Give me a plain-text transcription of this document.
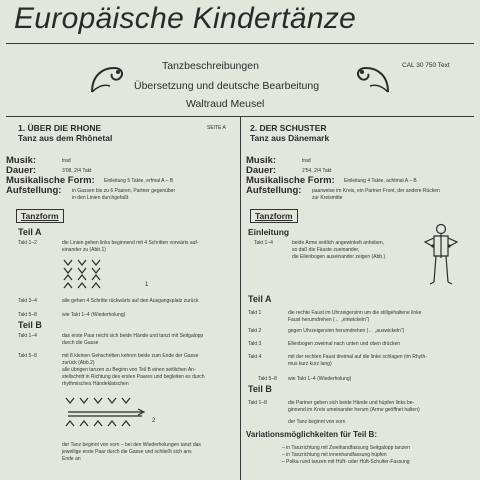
Europäische Kindertänze
Tanzbeschreibungen
Übersetzung und deutsche Bearbeitung
Waltraud Meusel
CAL 30 750 Text
1. ÜBER DIE RHONE	SEITE A
Tanz aus dem Rhônetal
Musik:	trad
Dauer:	3'08, 2/4 Takt
Musikalische Form: Einleitung 5 Takte, erfmal A – B
Aufstellung: in Gassen bis zu 6 Paaren, Partner gegenüber
in den Linien durchgefaßt
Tanzform
Teil A
Takt 1–2	die Linien gehen links beginnend mit 4 Schritten vorwärts auf-
einander zu (Abb.1)
1
Takt 3–4	alle gehen 4 Schritte rückwärts auf den Ausgangsplatz zurück
Takt 5–8	wie Takt 1–4 (Wiederholung)
Teil B
Takt 1–4	das erste Paar reicht sich beide Hände und tanzt mit Seitgalopp
durch die Gasse
Takt 5–8	mit 8 kleinen Gehschritten kehren beide zum Ende der Gasse
zurück (Abb.2)
alle übrigen tanzen zu Beginn von Teil B einen seitlichen An-
stellschritt in Richtung des ersten Paares und begleiten es durch
rhythmisches Händeklatschen
2
der Tanz beginnt von vorn – bei den Wiederholungen tanzt das
jeweilige erste Paar durch die Gasse und schließt sich ans
Ende an
2. DER SCHUSTER
Tanz aus Dänemark
Musik:	trad
Dauer:	2'54, 2/4 Takt
Musikalische Form: Einleitung 4 Takte, achtmal A – B
Aufstellung: paarweise im Kreis, ein Partner Front, der andere Rücken
zur Kreismitte
Tanzform
Einleitung
Takt 1–4	beide Arme seitlich angewinkelt anheben,
so daß die Fäuste zueinander,
die Ellenbogen auseinander zeigen (Abb.)
Teil A
Takt 1	die rechte Faust im Uhrzeigersinn um die stillgehaltene linke
Faust herumdrehen (← „einwickeln")
Takt 2	gegen Uhrzeigersinn herumdrehen (← „auswickeln")
Takt 3	Ellenbogen zweimal nach unten und oben drücken
Takt 4	mit der rechten Faust dreimal auf die linke schlagen (im Rhyth-
mus kurz kurz lang)
Takt 5–8 wie Takt 1–4 (Wiederholung)
Teil B
Takt 1–8	die Partner geben sich beide Hände und hüpfen links be-
ginnend im Kreis umeinander herum (Arme geöffnet halten)
der Tanz beginnt von vorn
Variationsmöglichkeiten für Teil B:
– in Tanzrichtung mit Zweihandfassung Seitgalopp tanzen
– in Tanzrichtung mit innenhandfassung hüpfen
– Polka rund tanzen mit Hüft- oder Hüft-Schulter-Fassung
